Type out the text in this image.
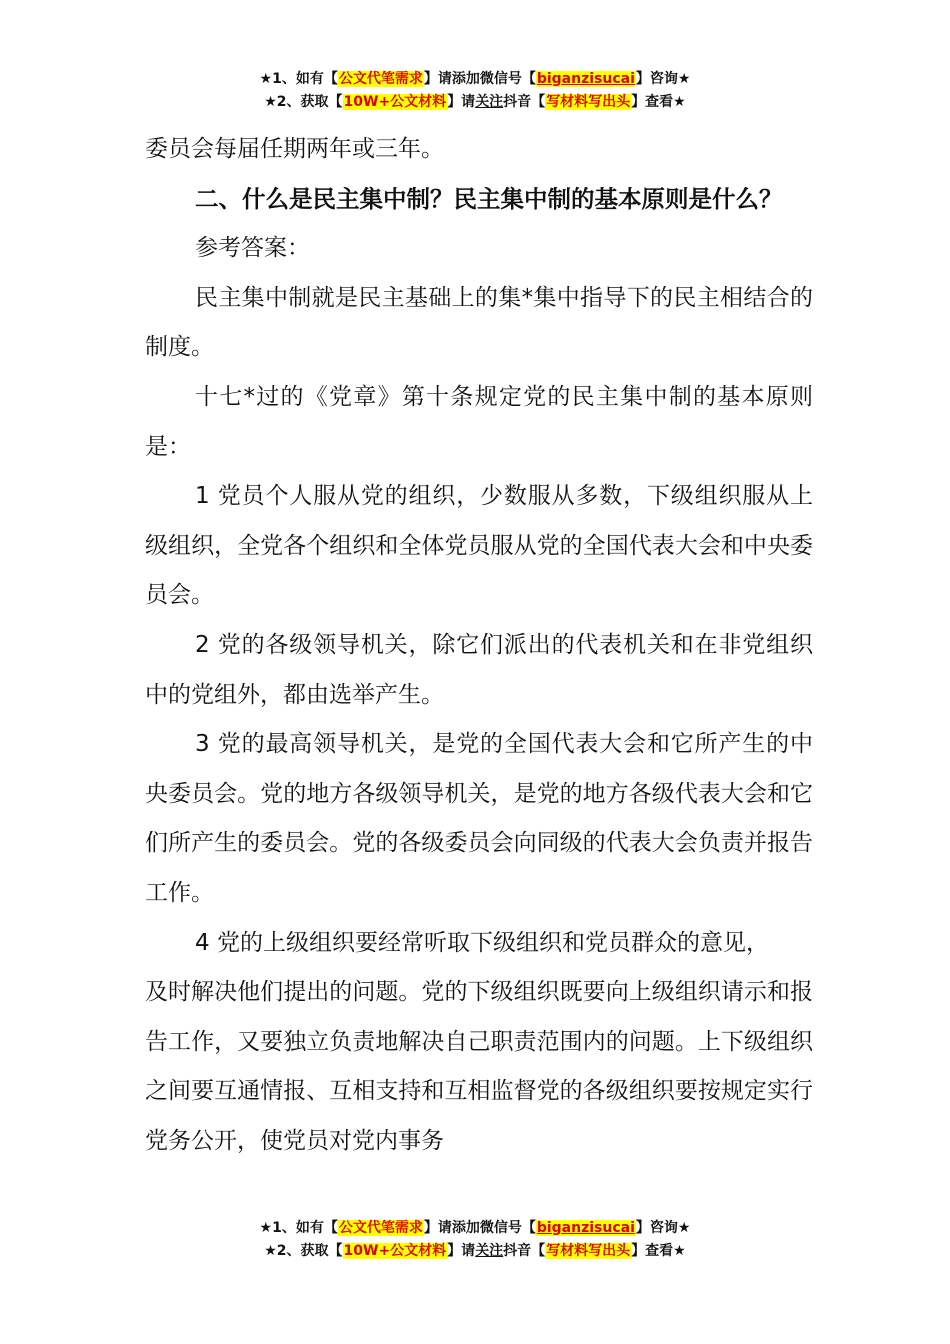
★1、如有【公文代笔需求】请添加微信号【biganzisucai】咨询★
★2、获取【10W+公文材料】请关注抖音【写材料写出头】查看★

委员会每届任期两年或三年。

二、什么是民主集中制？民主集中制的基本原则是什么？

参考答案：

民主集中制就是民主基础上的集*集中指导下的民主相结合的制度。

十七*过的《党章》第十条规定党的民主集中制的基本原则是：

1 党员个人服从党的组织，少数服从多数，下级组织服从上级组织，全党各个组织和全体党员服从党的全国代表大会和中央委员会。

2 党的各级领导机关，除它们派出的代表机关和在非党组织中的党组外，都由选举产生。

3 党的最高领导机关，是党的全国代表大会和它所产生的中央委员会。党的地方各级领导机关，是党的地方各级代表大会和它们所产生的委员会。党的各级委员会向同级的代表大会负责并报告工作。

4 党的上级组织要经常听取下级组织和党员群众的意见，

及时解决他们提出的问题。党的下级组织既要向上级组织请示和报告工作，又要独立负责地解决自己职责范围内的问题。上下级组织之间要互通情报、互相支持和互相监督党的各级组织要按规定实行党务公开，使党员对党内事务

★1、如有【公文代笔需求】请添加微信号【biganzisucai】咨询★
★2、获取【10W+公文材料】请关注抖音【写材料写出头】查看★
